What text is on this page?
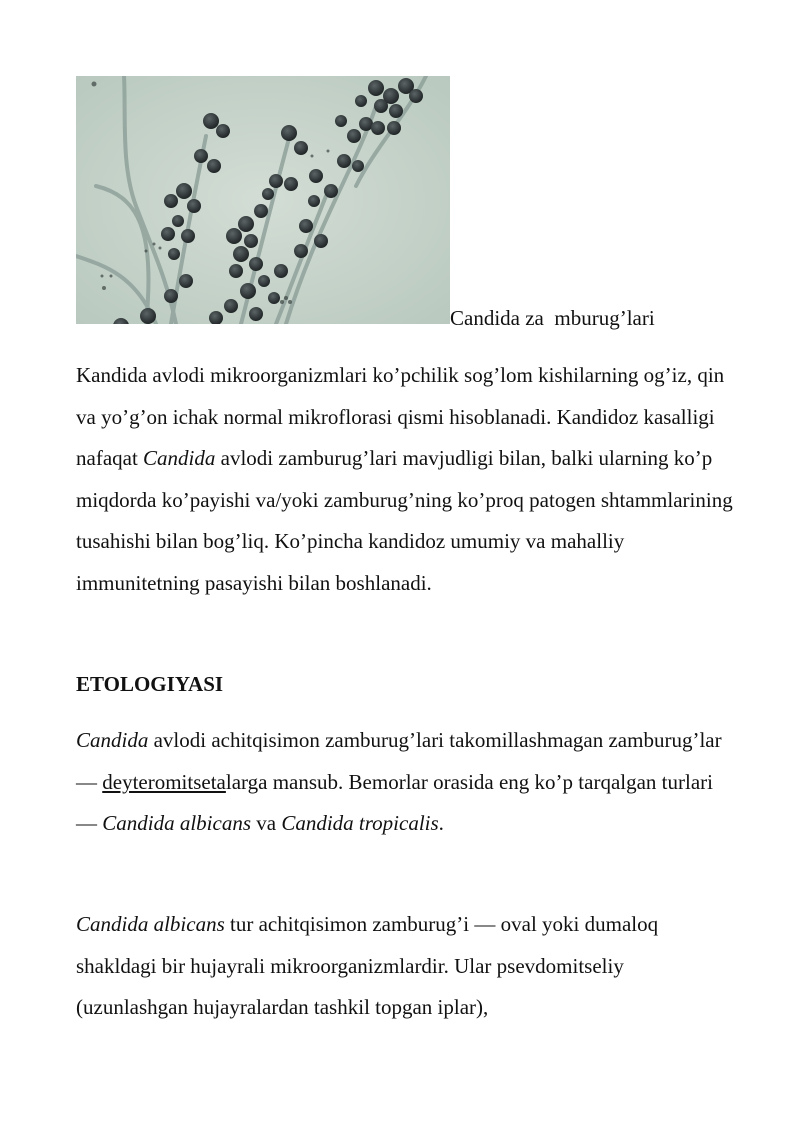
Candida za  mburug’lari

Kandida avlodi mikroorganizmlari ko’pchilik sog’lom kishilarning og’iz, qin va yo’g’on ichak normal mikroflorasi qismi hisoblanadi. Kandidoz kasalligi nafaqat Candida avlodi zamburug’lari mavjudligi bilan, balki ularning ko’p miqdorda ko’payishi va/yoki zamburug’ning ko’proq patogen shtammlarining tusahishi bilan bog’liq. Ko’pincha kandidoz umumiy va mahalliy immunitetning pasayishi bilan boshlanadi.

ETOLOGIYASI

Candida avlodi achitqisimon zamburug’lari takomillashmagan zamburug’lar — deyteromitsetalarga mansub. Bemorlar orasida eng ko’p tarqalgan turlari — Candida albicans va Candida tropicalis.

Candida albicans tur achitqisimon zamburug’i — oval yoki dumaloq shakldagi bir hujayrali mikroorganizmlardir. Ular psevdomitseliy (uzunlashgan hujayralardan tashkil topgan iplar),
